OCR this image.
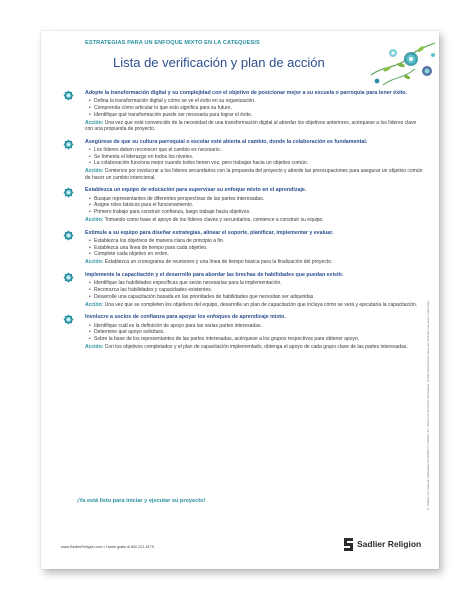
ESTRATEGIAS PARA UN ENFOQUE MIXTO EN LA CATEQUESIS
Lista de verificación y plan de acción

Adopte la transformación digital y su complejidad con el objetivo de posicionar mejor a su escuela o parroquia para tener éxito.

• Defina la transformación digital y cómo se ve el éxito en su organización.
• Comprenda cómo articular lo que esto significa para su futuro.
• Identifique qué transformación puede ser necesaria para lograr el éxito.

Acción: Una vez que esté convencido de la necesidad de una transformación digital al abordar los objetivos anteriores, acérquese a los líderes clave con una propuesta de proyecto.

Asegúrese de que su cultura parroquial o escolar esté abierta al cambio, donde la colaboración es fundamental.

• Los líderes deben reconocer que el cambio es necesario.
• Se fomenta el liderazgo en todos los niveles.
• La colaboración funciona mejor cuando todos tienen voz, pero trabajan hacia un objetivo común.

Acción: Comience por involucrar a los líderes secundarios con la propuesta del proyecto y aborde las preocupaciones para asegurar un objetivo común de hacer un cambio intencional.

Establezca un equipo de educación para supervisar su enfoque mixto en el aprendizaje.

• Busque representantes de diferentes perspectivas de las partes interesadas.
• Asigne roles básicos para el funcionamiento.
• Primero trabaje para construir confianza, luego trabaje hacia objetivos.

Acción: Tomando como base el apoyo de los líderes claves y secundarios, comience a construir su equipo.

Estimule a su equipo para diseñar estrategias, alinear el soporte, planificar, implementar y evaluar.

• Establezca los objetivos de manera clara de principio a fin.
• Establezca una línea de tiempo para cada objetivo.
• Complete cada objetivo en orden.

Acción: Establezca un cronograma de reuniones y una línea de tiempo básica para la finalización del proyecto.

Implemente la capacitación y el desarrollo para abordar las brechas de habilidades que puedan existir.

• Identifique las habilidades específicas que serán necesarias para la implementación.
• Reconozca las habilidades y capacidades existentes.
• Desarrolle una capacitación basada en las prioridades de habilidades que necesitan ser adquiridas.

Acción: Una vez que se completen los objetivos del equipo, desarrolle un plan de capacitación que incluya cómo se verá y ejecutaría la capacitación.

Involucre a socios de confianza para apoyar los enfoques de aprendizaje mixto.

• Identifique cuál es la definición de apoyo para las varias partes interesadas.
• Determine qué apoyo solicitará.
• Sobre la base de los representantes de las partes interesadas, acérquese a los grupos respectivos para obtener apoyo.

Acción: Con los objetivos completados y el plan de capacitación implementado, obtenga el apoyo de cada grupo clave de las partes interesadas.

¡Ya está listo para iniciar y ejecutar su proyecto!
www.SadlierReligion.com • Llame gratis al 800-221-5175	Sadlier Religion
© Sadlier son marcas registradas de William H. Sadlier, Inc. Todos los derechos reservados. Puede reproducirse para uso exclusivo en aula o parroquia.
